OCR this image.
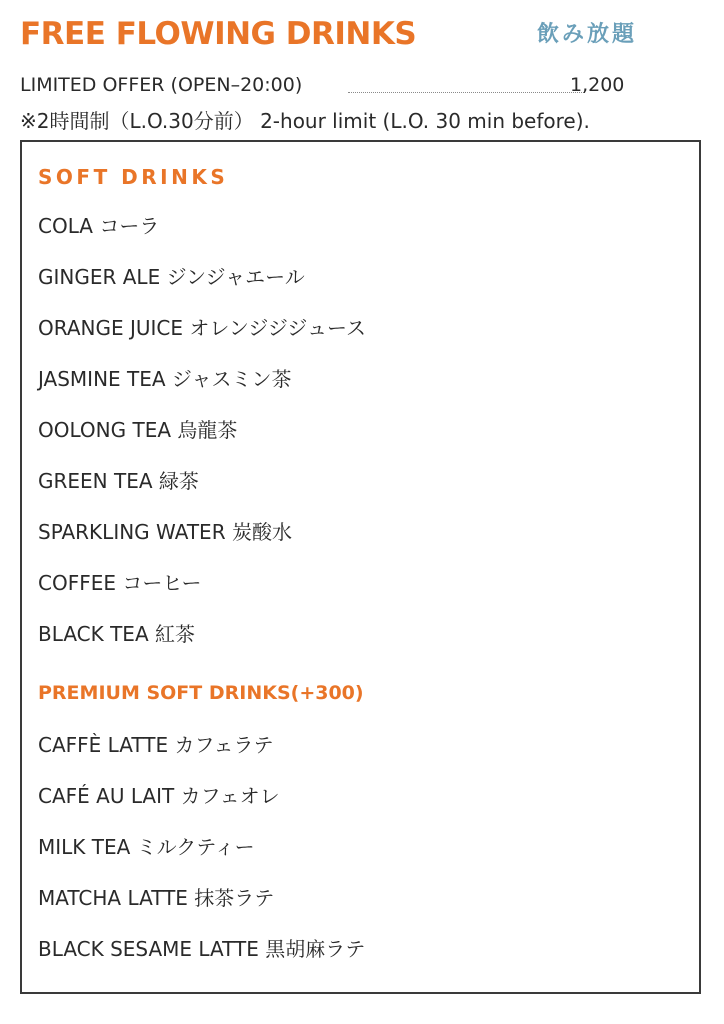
FREE FLOWING DRINKS	飲み放題
LIMITED OFFER (OPEN–20:00)	1,200
※2時間制（L.O.30分前） 2-hour limit (L.O. 30 min before).
SOFT DRINKS
COLA コーラ
GINGER ALE ジンジャエール
ORANGE JUICE オレンジジジュース
JASMINE TEA ジャスミン茶
OOLONG TEA 烏龍茶
GREEN TEA 緑茶
SPARKLING WATER 炭酸水
COFFEE コーヒー
BLACK TEA 紅茶
PREMIUM SOFT DRINKS(+300)
CAFFÈ LATTE カフェラテ
CAFÉ AU LAIT カフェオレ
MILK TEA ミルクティー
MATCHA LATTE 抹茶ラテ
BLACK SESAME LATTE 黒胡麻ラテ
